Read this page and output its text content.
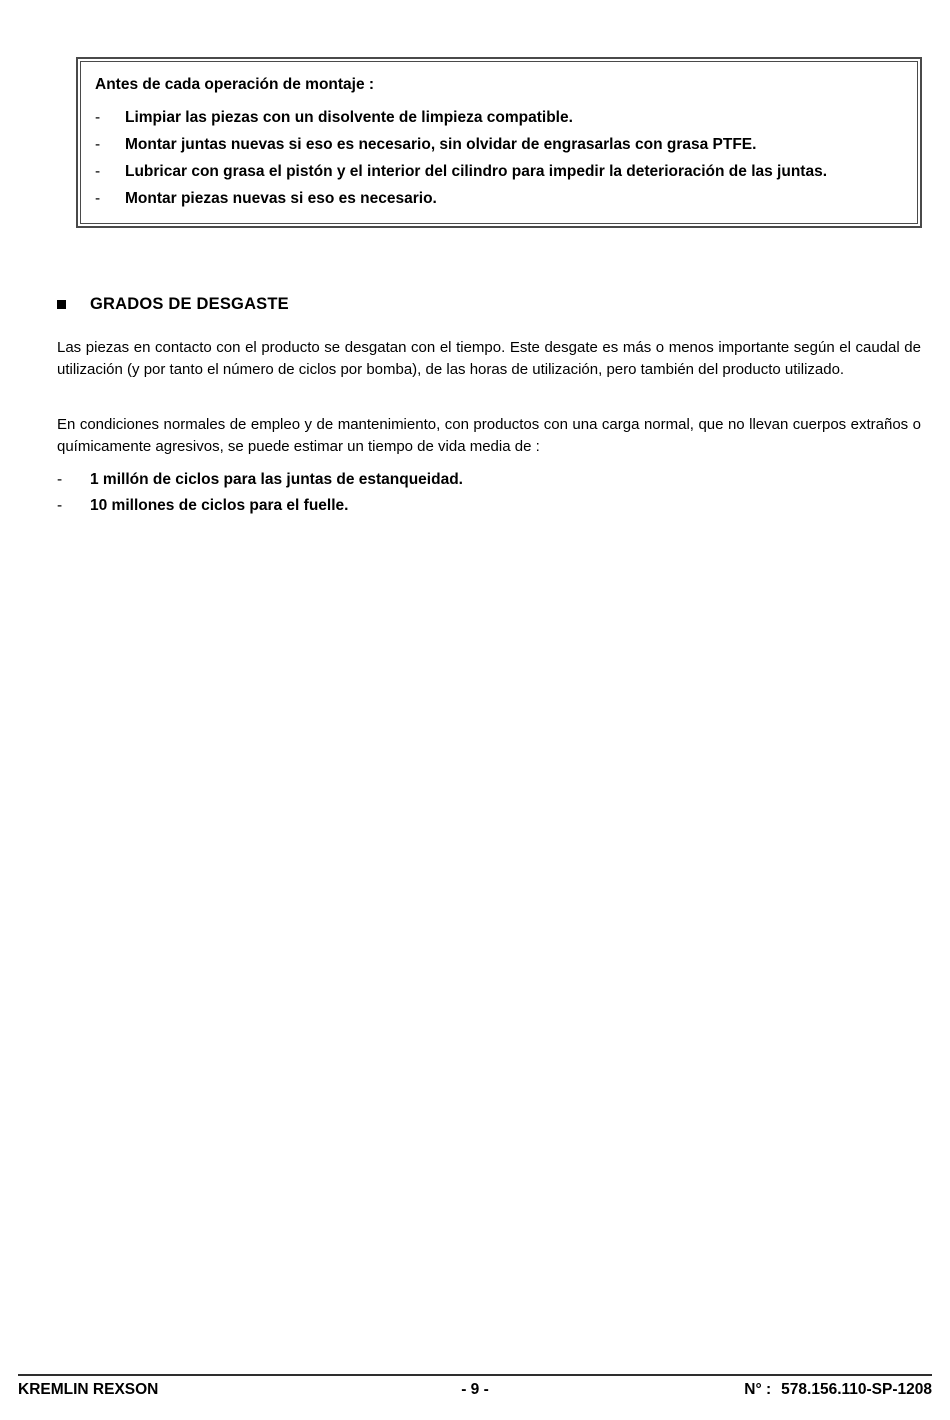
Antes de cada operación de montaje :
-	Limpiar las piezas con un disolvente de limpieza compatible.
-	Montar juntas nuevas si eso es necesario, sin olvidar de engrasarlas con grasa PTFE.
-	Lubricar con grasa el pistón y el interior del cilindro para impedir la deterioración de las juntas.
-	Montar piezas nuevas si eso es necesario.
GRADOS DE DESGASTE

Las piezas en contacto con el producto se desgatan con el tiempo. Este desgate es más o menos importante según el caudal de utilización (y por tanto el número de ciclos por bomba), de las horas de utilización, pero también del producto utilizado.

En condiciones normales de empleo y de mantenimiento, con productos con una carga normal, que no llevan cuerpos extraños o químicamente agresivos, se puede estimar un tiempo de vida media de :

-	1 millón de ciclos para las juntas de estanqueidad.
-	10 millones de ciclos para el fuelle.
KREMLIN REXSON	- 9 -	N° : 578.156.110-SP-1208
